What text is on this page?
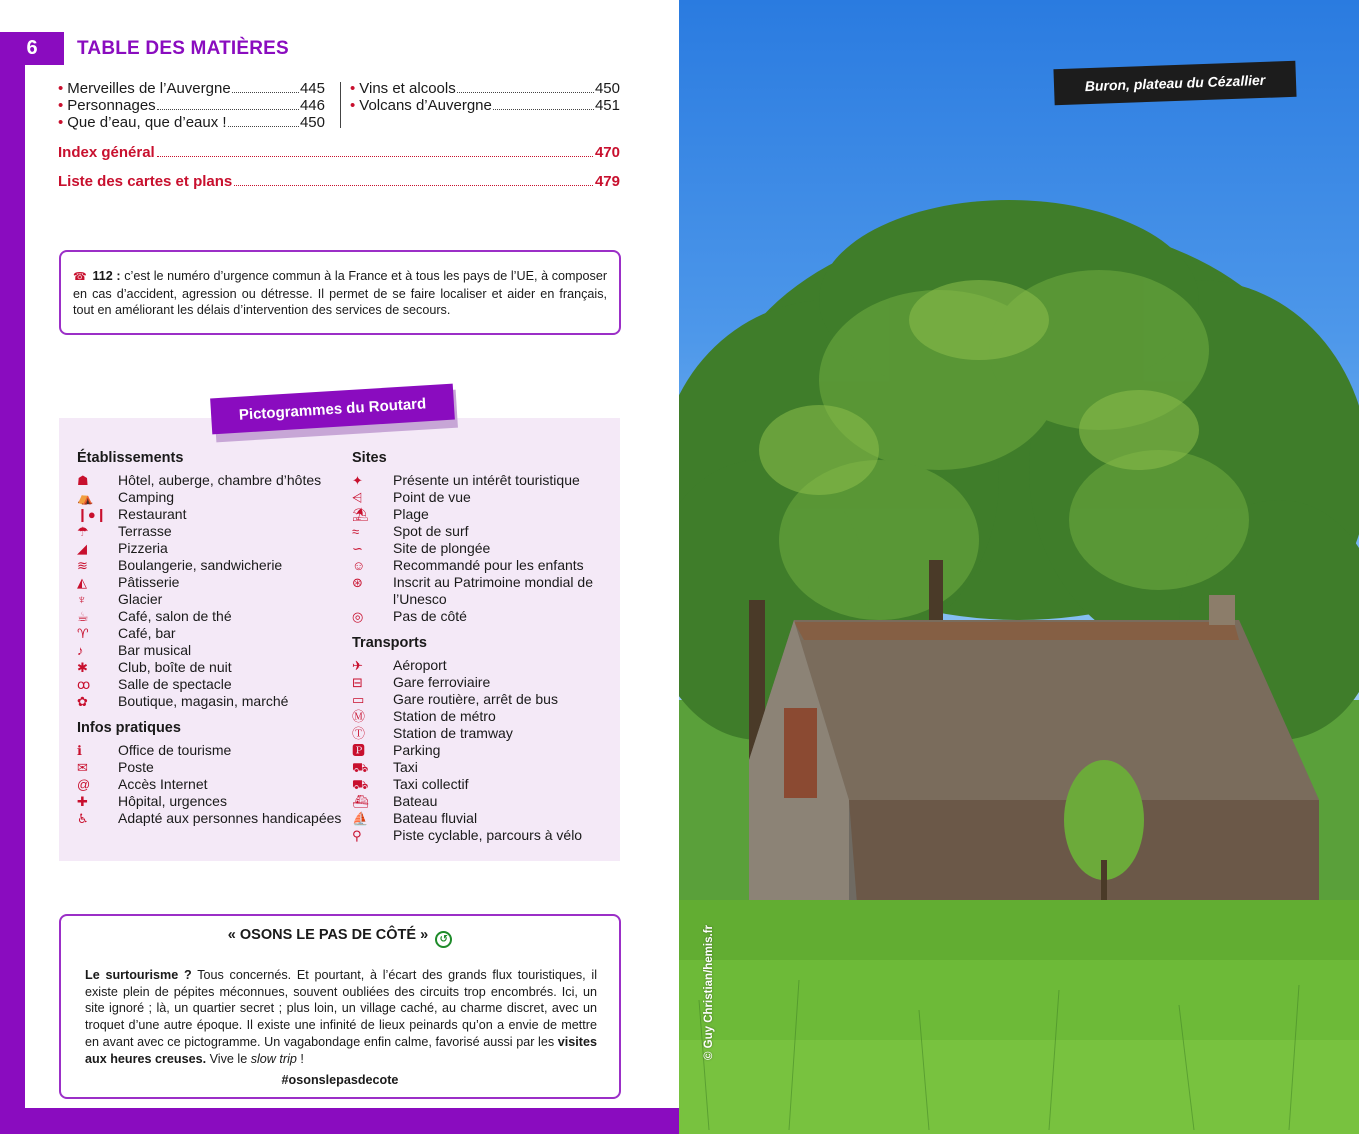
6	TABLE DES MATIÈRES
• Merveilles de l’Auvergne	445
• Personnages	446
• Que d’eau, que d’eaux !	450
• Vins et alcools	450
• Volcans d’Auvergne	451
Index général	470
Liste des cartes et plans	479
☎ 112 : c’est le numéro d’urgence commun à la France et à tous les pays de l’UE, à composer en cas d’accident, agression ou détresse. Il permet de se faire localiser et aider en français, tout en améliorant les délais d’intervention des services de secours.
Pictogrammes du Routard
Établissements
☗	Hôtel, auberge, chambre d’hôtes
⛺	Camping
❙●❙ Restaurant
☂	Terrasse
◢	Pizzeria
≋	Boulangerie, sandwicherie
◭	Pâtisserie
♆	Glacier
☕	Café, salon de thé
♈	Café, bar
♪	Bar musical
✱	Club, boîte de nuit
ꝏ	Salle de spectacle
✿	Boutique, magasin, marché
Infos pratiques
ℹ	Office de tourisme
✉	Poste
@	Accès Internet
✚	Hôpital, urgences
♿	Adapté aux personnes handicapées
Sites
✦	Présente un intérêt touristique
⩤	Point de vue
⛱	Plage
≈	Spot de surf
∽	Site de plongée
☺	Recommandé pour les enfants
⊛	Inscrit au Patrimoine mondial de l’Unesco
◎	Pas de côté
Transports
✈	Aéroport
⊟	Gare ferroviaire
▭	Gare routière, arrêt de bus
Ⓜ	Station de métro
Ⓣ	Station de tramway
🅿	Parking
⛟	Taxi
⛟	Taxi collectif
⛴	Bateau
⛵	Bateau fluvial
⚲	Piste cyclable, parcours à vélo
« OSONS LE PAS DE CÔTÉ » ↺
Le surtourisme ? Tous concernés. Et pourtant, à l’écart des grands flux touristiques, il existe plein de pépites méconnues, souvent oubliées des circuits trop encombrés. Ici, un site ignoré ; là, un quartier secret ; plus loin, un village caché, au charme discret, avec un troquet d’une autre époque. Il existe une infinité de lieux peinards qu’on a envie de mettre en avant avec ce pictogramme. Un vagabondage enfin calme, favorisé aussi par les visites aux heures creuses. Vive le slow trip !
#osonslepasdecote
Buron, plateau du Cézallier
© Guy Christian/hemis.fr
